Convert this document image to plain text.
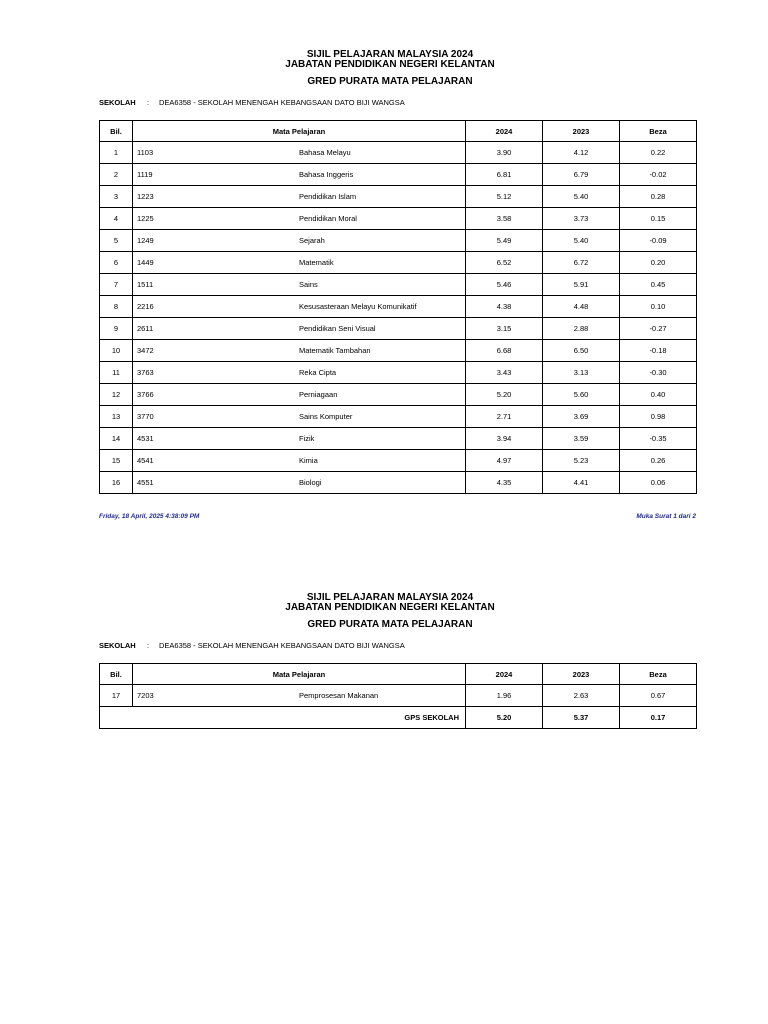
SIJIL PELAJARAN MALAYSIA 2024
JABATAN PENDIDIKAN NEGERI KELANTAN
GRED PURATA MATA PELAJARAN
SEKOLAH : DEA6358 - SEKOLAH MENENGAH KEBANGSAAN DATO BIJI WANGSA
Bil.	Mata Pelajaran		2024	2023	Beza
1	1103	Bahasa Melayu	3.90	4.12	0.22
2	1119	Bahasa Inggeris	6.81	6.79	-0.02
3	1223	Pendidikan Islam	5.12	5.40	0.28
4	1225	Pendidikan Moral	3.58	3.73	0.15
5	1249	Sejarah	5.49	5.40	-0.09
6	1449	Matematik	6.52	6.72	0.20
7	1511	Sains	5.46	5.91	0.45
8	2216	Kesusasteraan Melayu Komunikatif	4.38	4.48	0.10
9	2611	Pendidikan Seni Visual	3.15	2.88	-0.27
10	3472	Matematik Tambahan	6.68	6.50	-0.18
11	3763	Reka Cipta	3.43	3.13	-0.30
12	3766	Perniagaan	5.20	5.60	0.40
13	3770	Sains Komputer	2.71	3.69	0.98
14	4531	Fizik	3.94	3.59	-0.35
15	4541	Kimia	4.97	5.23	0.26
16	4551	Biologi	4.35	4.41	0.06
Friday, 18 April, 2025 4:38:09 PM	Muka Surat 1 dari 2
SIJIL PELAJARAN MALAYSIA 2024
JABATAN PENDIDIKAN NEGERI KELANTAN
GRED PURATA MATA PELAJARAN
SEKOLAH : DEA6358 - SEKOLAH MENENGAH KEBANGSAAN DATO BIJI WANGSA
Bil.	Mata Pelajaran		2024	2023	Beza
17	7203	Pemprosesan Makanan	1.96	2.63	0.67
GPS SEKOLAH			5.20	5.37	0.17
